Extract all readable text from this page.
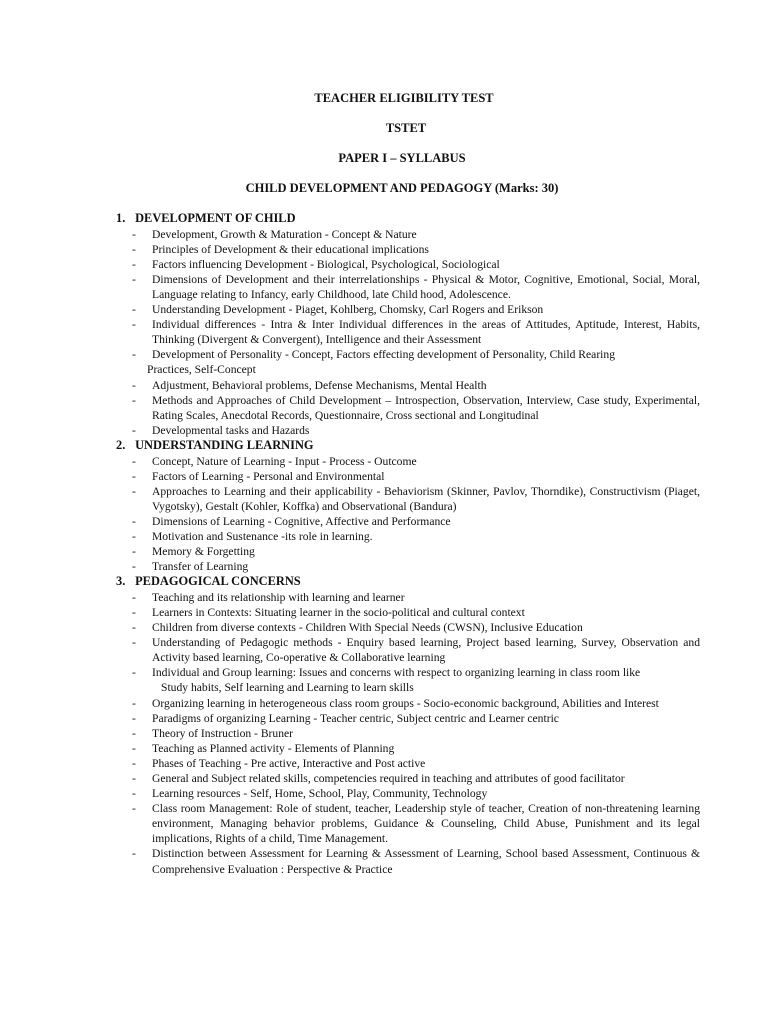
TEACHER ELIGIBILITY TEST
TSTET
PAPER I – SYLLABUS
CHILD DEVELOPMENT AND PEDAGOGY (Marks: 30)

1. DEVELOPMENT OF CHILD

- Development, Growth & Maturation - Concept & Nature
- Principles of Development & their educational implications
- Factors influencing Development - Biological, Psychological, Sociological
- Dimensions of Development and their interrelationships - Physical & Motor, Cognitive, Emotional, Social, Moral, Language relating to Infancy, early Childhood, late Child hood, Adolescence.
- Understanding Development - Piaget, Kohlberg, Chomsky, Carl Rogers and Erikson
- Individual differences - Intra & Inter Individual differences in the areas of Attitudes, Aptitude, Interest, Habits, Thinking (Divergent & Convergent), Intelligence and their Assessment
- Development of Personality - Concept, Factors effecting development of Personality, Child Rearing
Practices, Self-Concept
- Adjustment, Behavioral problems, Defense Mechanisms, Mental Health
- Methods and Approaches of Child Development – Introspection, Observation, Interview, Case study, Experimental, Rating Scales, Anecdotal Records, Questionnaire, Cross sectional and Longitudinal
- Developmental tasks and Hazards

2. UNDERSTANDING LEARNING

- Concept, Nature of Learning - Input - Process - Outcome
- Factors of Learning - Personal and Environmental
- Approaches to Learning and their applicability - Behaviorism (Skinner, Pavlov, Thorndike), Constructivism (Piaget, Vygotsky), Gestalt (Kohler, Koffka) and Observational (Bandura)
- Dimensions of Learning - Cognitive, Affective and Performance
- Motivation and Sustenance -its role in learning.
- Memory & Forgetting
- Transfer of Learning

3. PEDAGOGICAL CONCERNS

- Teaching and its relationship with learning and learner
- Learners in Contexts: Situating learner in the socio-political and cultural context
- Children from diverse contexts - Children With Special Needs (CWSN), Inclusive Education
- Understanding of Pedagogic methods - Enquiry based learning, Project based learning, Survey, Observation and Activity based learning, Co-operative & Collaborative learning
- Individual and Group learning: Issues and concerns with respect to organizing learning in class room like
Study habits, Self learning and Learning to learn skills
- Organizing learning in heterogeneous class room groups - Socio-economic background, Abilities and Interest
- Paradigms of organizing Learning - Teacher centric, Subject centric and Learner centric
- Theory of Instruction - Bruner
- Teaching as Planned activity - Elements of Planning
- Phases of Teaching - Pre active, Interactive and Post active
- General and Subject related skills, competencies required in teaching and attributes of good facilitator
- Learning resources - Self, Home, School, Play, Community, Technology
- Class room Management: Role of student, teacher, Leadership style of teacher, Creation of non-threatening learning environment, Managing behavior problems, Guidance & Counseling, Child Abuse, Punishment and its legal implications, Rights of a child, Time Management.
- Distinction between Assessment for Learning & Assessment of Learning, School based Assessment, Continuous & Comprehensive Evaluation : Perspective & Practice
